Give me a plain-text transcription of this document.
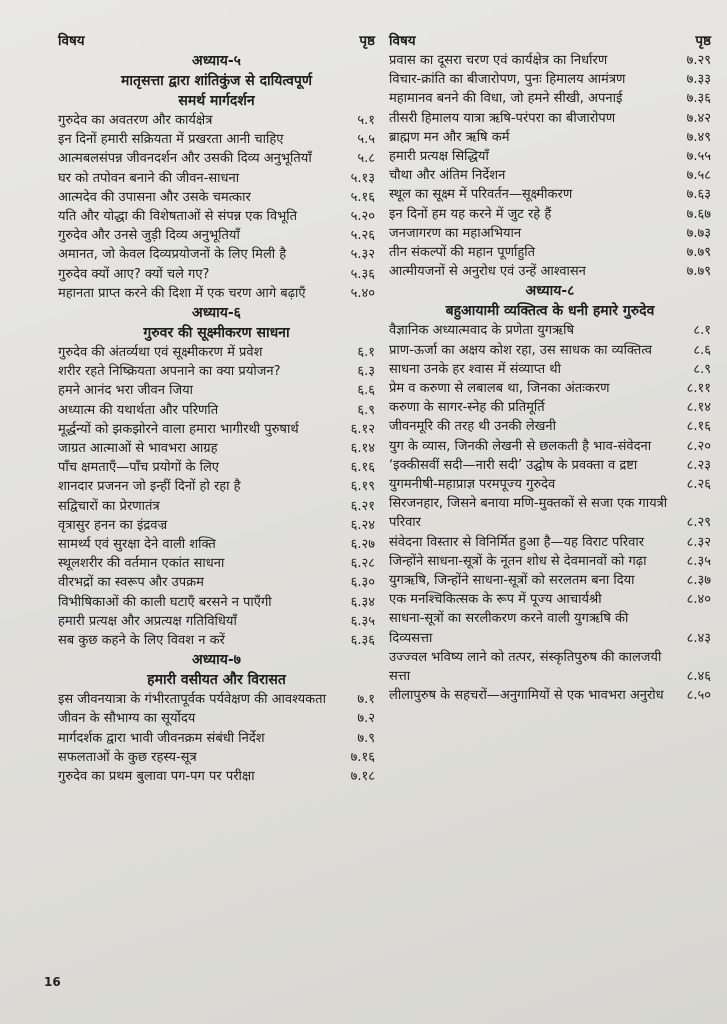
विषय	पृष्ठ
अध्याय-५
मातृसत्ता द्वारा शांतिकुंज से दायित्वपूर्ण
समर्थ मार्गदर्शन
गुरुदेव का अवतरण और कार्यक्षेत्र	५.१
इन दिनों हमारी सक्रियता में प्रखरता आनी चाहिए	५.५
आत्मबलसंपन्न जीवनदर्शन और उसकी दिव्य अनुभूतियाँ	५.८
घर को तपोवन बनाने की जीवन-साधना	५.१३
आत्मदेव की उपासना और उसके चमत्कार	५.१६
यति और योद्धा की विशेषताओं से संपन्न एक विभूति	५.२०
गुरुदेव और उनसे जुड़ी दिव्य अनुभूतियाँ	५.२६
अमानत, जो केवल दिव्यप्रयोजनों के लिए मिली है	५.३२
गुरुदेव क्यों आए? क्यों चले गए?	५.३६
महानता प्राप्त करने की दिशा में एक चरण आगे बढ़ाएँ	५.४०
अध्याय-६
गुरुवर की सूक्ष्मीकरण साधना
गुरुदेव की अंतर्व्यथा एवं सूक्ष्मीकरण में प्रवेश	६.१
शरीर रहते निष्क्रियता अपनाने का क्या प्रयोजन?	६.३
हमने आनंद भरा जीवन जिया	६.६
अध्यात्म की यथार्थता और परिणति	६.९
मूर्द्धन्यों को झकझोरने वाला हमारा भागीरथी पुरुषार्थ	६.१२
जाग्रत आत्माओं से भावभरा आग्रह	६.१४
पाँच क्षमताएँ—पाँच प्रयोगों के लिए	६.१६
शानदार प्रजनन जो इन्हीं दिनों हो रहा है	६.१९
सद्विचारों का प्रेरणातंत्र	६.२१
वृत्रासुर हनन का इंद्रवज्र	६.२४
सामर्थ्य एवं सुरक्षा देने वाली शक्ति	६.२७
स्थूलशरीर की वर्तमान एकांत साधना	६.२८
वीरभद्रों का स्वरूप और उपक्रम	६.३०
विभीषिकाओं की काली घटाएँ बरसने न पाएँगी	६.३४
हमारी प्रत्यक्ष और अप्रत्यक्ष गतिविधियाँ	६.३५
सब कुछ कहने के लिए विवश न करें	६.३६
अध्याय-७
हमारी वसीयत और विरासत
इस जीवनयात्रा के गंभीरतापूर्वक पर्यवेक्षण की आवश्यकता	७.१
जीवन के सौभाग्य का सूर्योदय	७.२
मार्गदर्शक द्वारा भावी जीवनक्रम संबंधी निर्देश	७.९
सफलताओं के कुछ रहस्य-सूत्र	७.१६
गुरुदेव का प्रथम बुलावा पग-पग पर परीक्षा	७.१८
विषय	पृष्ठ
प्रवास का दूसरा चरण एवं कार्यक्षेत्र का निर्धारण	७.२९
विचार-क्रांति का बीजारोपण, पुनः हिमालय आमंत्रण	७.३३
महामानव बनने की विधा, जो हमने सीखी, अपनाई	७.३६
तीसरी हिमालय यात्रा ऋषि-परंपरा का बीजारोपण	७.४२
ब्राह्मण मन और ऋषि कर्म	७.४९
हमारी प्रत्यक्ष सिद्धियाँ	७.५५
चौथा और अंतिम निर्देशन	७.५८
स्थूल का सूक्ष्म में परिवर्तन—सूक्ष्मीकरण	७.६३
इन दिनों हम यह करने में जुट रहे हैं	७.६७
जनजागरण का महाअभियान	७.७३
तीन संकल्पों की महान पूर्णाहुति	७.७९
आत्मीयजनों से अनुरोध एवं उन्हें आश्वासन	७.७९
अध्याय-८
बहुआयामी व्यक्तित्व के धनी हमारे गुरुदेव
वैज्ञानिक अध्यात्मवाद के प्रणेता युगऋषि	८.१
प्राण-ऊर्जा का अक्षय कोश रहा, उस साधक का व्यक्तित्व	८.६
साधना उनके हर श्वास में संव्याप्त थी	८.९
प्रेम व करुणा से लबालब था, जिनका अंतःकरण	८.११
करुणा के सागर-स्नेह की प्रतिमूर्ति	८.१४
जीवनमूरि की तरह थी उनकी लेखनी	८.१६
युग के व्यास, जिनकी लेखनी से छलकती है भाव-संवेदना	८.२०
‘इक्कीसवीं सदी—नारी सदी’ उद्घोष के प्रवक्ता व द्रष्टा	८.२३
युगमनीषी-महाप्राज्ञ परमपूज्य गुरुदेव	८.२६
सिरजनहार, जिसने बनाया मणि-मुक्तकों से सजा एक गायत्री परिवार	८.२९
संवेदना विस्तार से विनिर्मित हुआ है—यह विराट परिवार	८.३२
जिन्होंने साधना-सूत्रों के नूतन शोध से देवमानवों को गढ़ा	८.३५
युगऋषि, जिन्होंने साधना-सूत्रों को सरलतम बना दिया	८.३७
एक मनश्चिकित्सक के रूप में पूज्य आचार्यश्री	८.४०
साधना-सूत्रों का सरलीकरण करने वाली युगऋषि की दिव्यसत्ता	८.४३
उज्ज्वल भविष्य लाने को तत्पर, संस्कृतिपुरुष की कालजयी सत्ता	८.४६
लीलापुरुष के सहचरों—अनुगामियों से एक भावभरा अनुरोध	८.५०
16
